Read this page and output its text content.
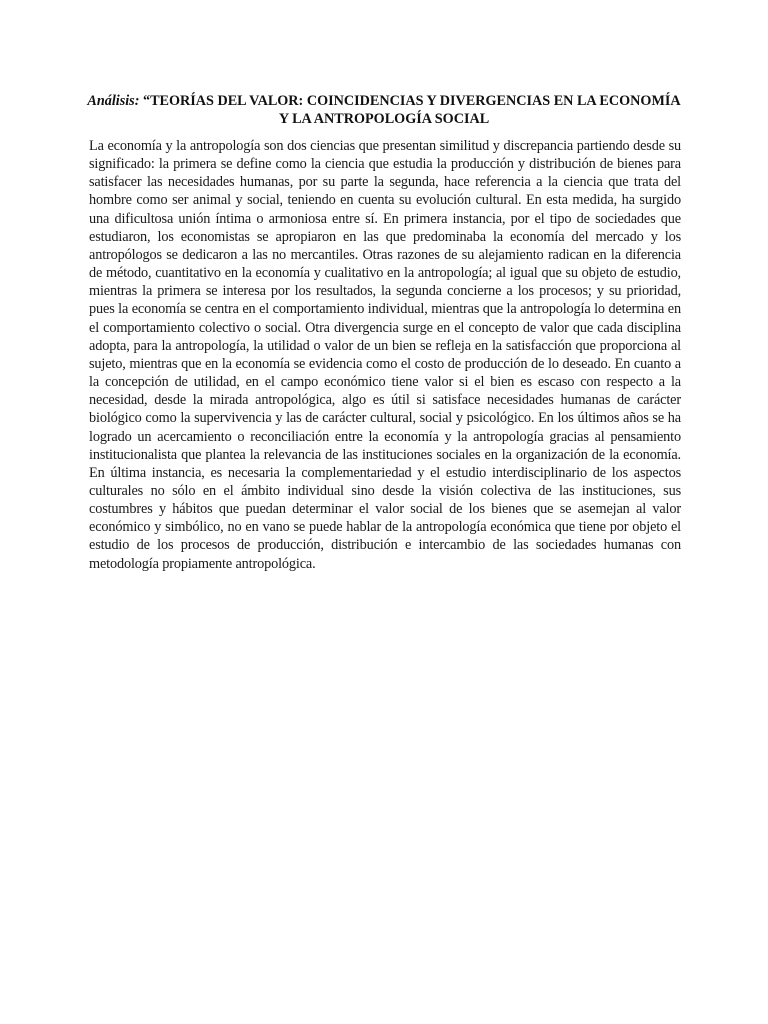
Análisis: “TEORÍAS DEL VALOR: COINCIDENCIAS Y DIVERGENCIAS EN LA ECONOMÍA Y LA ANTROPOLOGÍA SOCIAL

La economía y la antropología son dos ciencias que presentan similitud y discrepancia partiendo desde su significado: la primera se define como la ciencia que estudia la producción y distribución de bienes para satisfacer las necesidades humanas, por su parte la segunda, hace referencia a la ciencia que trata del hombre como ser animal y social, teniendo en cuenta su evolución cultural. En esta medida, ha surgido una dificultosa unión íntima o armoniosa entre sí. En primera instancia, por el tipo de sociedades que estudiaron, los economistas se apropiaron en las que predominaba la economía del mercado y los antropólogos se dedicaron a las no mercantiles. Otras razones de su alejamiento radican en la diferencia de método, cuantitativo en la economía y cualitativo en la antropología; al igual que su objeto de estudio, mientras la primera se interesa por los resultados, la segunda concierne a los procesos; y su prioridad, pues la economía se centra en el comportamiento individual, mientras que la antropología lo determina en el comportamiento colectivo o social. Otra divergencia surge en el concepto de valor que cada disciplina adopta, para la antropología, la utilidad o valor de un bien se refleja en la satisfacción que proporciona al sujeto, mientras que en la economía se evidencia como el costo de producción de lo deseado. En cuanto a la concepción de utilidad, en el campo económico tiene valor si el bien es escaso con respecto a la necesidad, desde la mirada antropológica, algo es útil si satisface necesidades humanas de carácter biológico como la supervivencia y las de carácter cultural, social y psicológico. En los últimos años se ha logrado un acercamiento o reconciliación entre la economía y la antropología gracias al pensamiento institucionalista que plantea la relevancia de las instituciones sociales en la organización de la economía. En última instancia, es necesaria la complementariedad y el estudio interdisciplinario de los aspectos culturales no sólo en el ámbito individual sino desde la visión colectiva de las instituciones, sus costumbres y hábitos que puedan determinar el valor social de los bienes que se asemejan al valor económico y simbólico, no en vano se puede hablar de la antropología económica que tiene por objeto el estudio de los procesos de producción, distribución e intercambio de las sociedades humanas con metodología propiamente antropológica.
